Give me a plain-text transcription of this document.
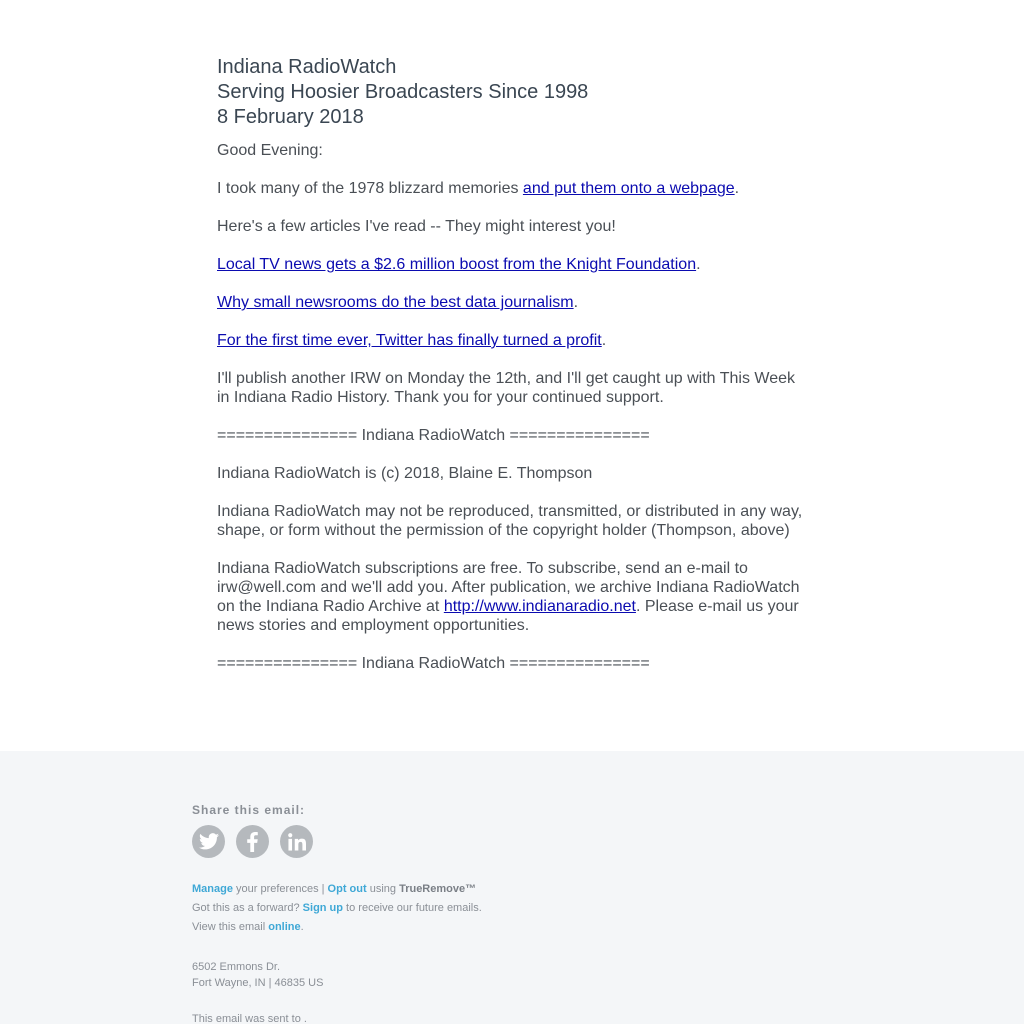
Indiana RadioWatch

Serving Hoosier Broadcasters Since 1998

8 February 2018

Good Evening:

I took many of the 1978 blizzard memories and put them onto a webpage.

Here's a few articles I've read -- They might interest you!

Local TV news gets a $2.6 million boost from the Knight Foundation.

Why small newsrooms do the best data journalism.

For the first time ever, Twitter has finally turned a profit.

I'll publish another IRW on Monday the 12th, and I'll get caught up with This Week in Indiana Radio History. Thank you for your continued support.

=============== Indiana RadioWatch ===============

Indiana RadioWatch is (c) 2018, Blaine E. Thompson

Indiana RadioWatch may not be reproduced, transmitted, or distributed in any way, shape, or form without the permission of the copyright holder (Thompson, above)

Indiana RadioWatch subscriptions are free. To subscribe, send an e-mail to irw@well.com and we'll add you. After publication, we archive Indiana RadioWatch on the Indiana Radio Archive at http://www.indianaradio.net. Please e-mail us your news stories and employment opportunities.

=============== Indiana RadioWatch ===============

Share this email:

Manage your preferences | Opt out using TrueRemove™

Got this as a forward? Sign up to receive our future emails.

View this email online.

6502 Emmons Dr.

Fort Wayne, IN | 46835 US

This email was sent to .
